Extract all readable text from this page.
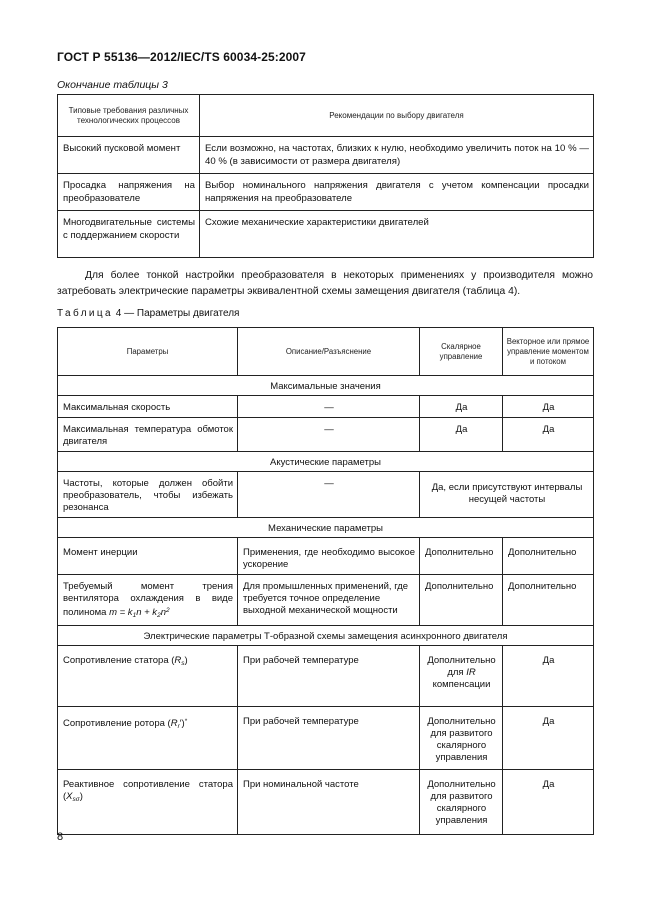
ГОСТ Р 55136—2012/IEC/TS 60034-25:2007
Окончание таблицы 3
Типовые требования различных технологических процессов	Рекомендации по выбору двигателя
Высокий пусковой момент	Если возможно, на частотах, близких к нулю, необходимо увеличить поток на 10 % — 40 % (в зависимости от размера двигателя)
Просадка напряжения на преобразователе	Выбор номинального напряжения двигателя с учетом компенсации просадки напряжения на преобразователе
Многодвигательные системы с поддержанием скорости	Схожие механические характеристики двигателей

Для более тонкой настройки преобразователя в некоторых применениях у производителя можно затребовать электрические параметры эквивалентной схемы замещения двигателя (таблица 4).

Таблица 4 — Параметры двигателя
Параметры	Описание/Разъяснение	Скалярное управление	Векторное или прямое управление моментом и потоком
Максимальные значения			
Максимальная скорость	—	Да	Да
Максимальная температура обмоток двигателя	—	Да	Да
Акустические параметры			
Частоты, которые должен обойти преобразователь, чтобы избежать резонанса	—	Да, если присутствуют интервалы несущей частоты	
Механические параметры			
Момент инерции	Применения, где необходимо высокое ускорение	Дополнительно	Дополнительно
Требуемый момент трения вентилятора охлаждения в виде полинома $m = k_1n + k_2n^2$	Для промышленных применений, где требуется точное определение выходной механической мощности	Дополнительно	Дополнительно
Электрические параметры Т-образной схемы замещения асинхронного двигателя			
Сопротивление статора $(R_s)$	При рабочей температуре	Дополнительно для IR компенсации	Да
Сопротивление ротора $(R_r')^*$	При рабочей температуре	Дополнительно для развитого скалярного управления	Да
Реактивное сопротивление статора $(X_{s\sigma})$	При номинальной частоте	Дополнительно для развитого скалярного управления	Да
8
